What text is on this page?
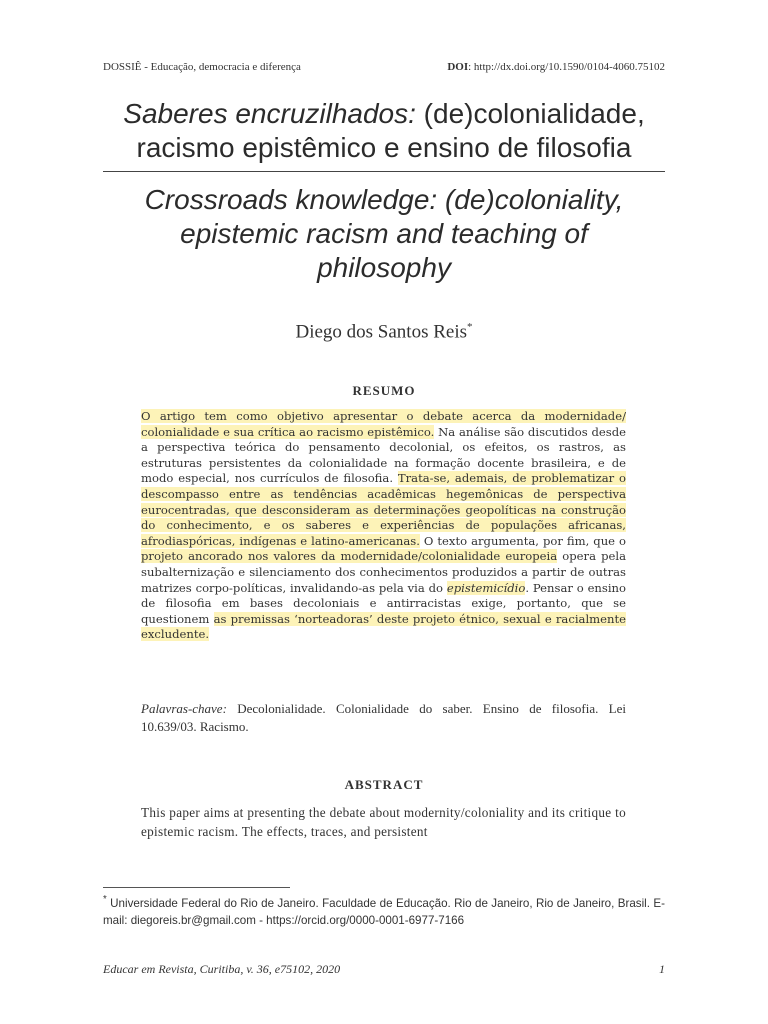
DOSSIÊ - Educação, democracia e diferença	DOI: http://dx.doi.org/10.1590/0104-4060.75102
Saberes encruzilhados: (de)colonialidade,
racismo epistêmico e ensino de filosofia
Crossroads knowledge: (de)coloniality,
epistemic racism and teaching of
philosophy
Diego dos Santos Reis*
RESUMO
O artigo tem como objetivo apresentar o debate acerca da modernidade/ colonialidade e sua crítica ao racismo epistêmico. Na análise são discutidos desde a perspectiva teórica do pensamento decolonial, os efeitos, os rastros, as estruturas persistentes da colonialidade na formação docente brasileira, e de modo especial, nos currículos de filosofia. Trata-se, ademais, de problematizar o descompasso entre as tendências acadêmicas hegemônicas de perspectiva eurocentradas, que desconsideram as determinações geopolíticas na construção do conhecimento, e os saberes e experiências de populações africanas, afrodiaspóricas, indígenas e latino-americanas. O texto argumenta, por fim, que o projeto ancorado nos valores da modernidade/colonialidade europeia opera pela subalternização e silenciamento dos conhecimentos produzidos a partir de outras matrizes corpo-políticas, invalidando-as pela via do epistemicídio. Pensar o ensino de filosofia em bases decoloniais e antirracistas exige, portanto, que se questionem as premissas ‘norteadoras’ deste projeto étnico, sexual e racialmente excludente.
Palavras-chave: Decolonialidade. Colonialidade do saber. Ensino de filosofia. Lei 10.639/03. Racismo.
ABSTRACT
This paper aims at presenting the debate about modernity/coloniality and its critique to epistemic racism. The effects, traces, and persistent
* Universidade Federal do Rio de Janeiro. Faculdade de Educação. Rio de Janeiro, Rio de Janeiro, Brasil. E-mail: diegoreis.br@gmail.com - https://orcid.org/0000-0001-6977-7166
Educar em Revista, Curitiba, v. 36, e75102, 2020	1
